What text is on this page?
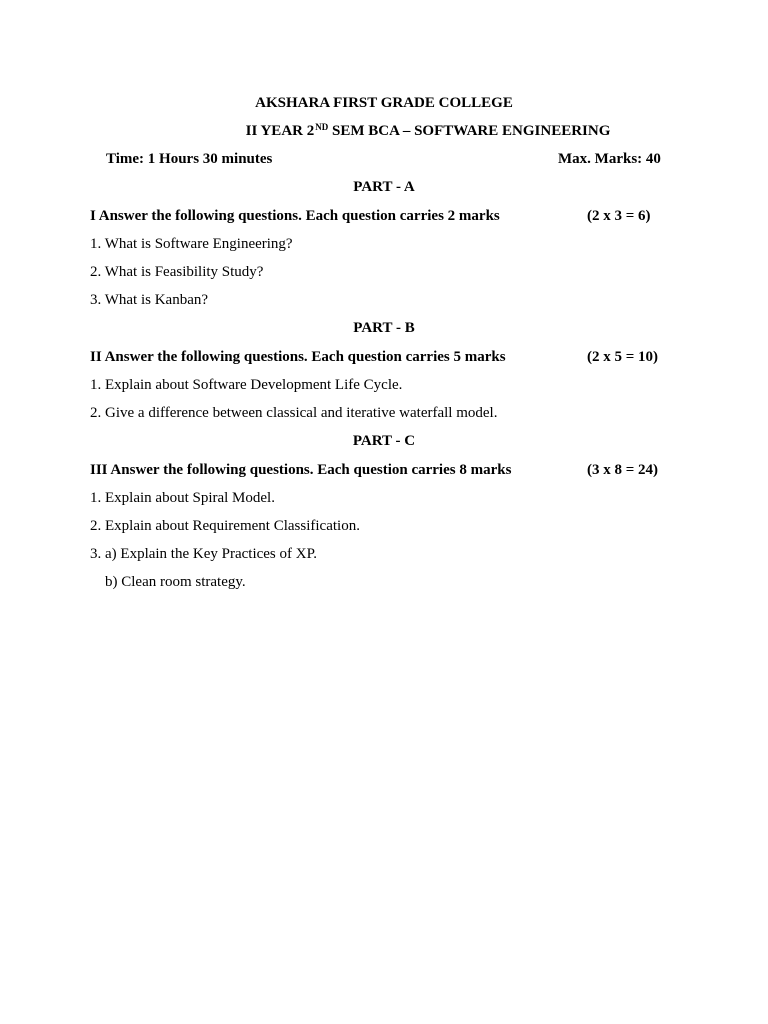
AKSHARA FIRST GRADE COLLEGE
II YEAR 2ND SEM BCA – SOFTWARE ENGINEERING
Time: 1 Hours 30 minutes	Max. Marks: 40
PART - A
I Answer the following questions. Each question carries 2 marks	(2 x 3 = 6)
1. What is Software Engineering?
2. What is Feasibility Study?
3. What is Kanban?
PART - B
II Answer the following questions. Each question carries 5 marks	(2 x 5 = 10)
1. Explain about Software Development Life Cycle.
2. Give a difference between classical and iterative waterfall model.
PART - C
III Answer the following questions. Each question carries 8 marks	(3 x 8 = 24)
1. Explain about Spiral Model.
2. Explain about Requirement Classification.
3. a) Explain the Key Practices of XP.
b) Clean room strategy.
